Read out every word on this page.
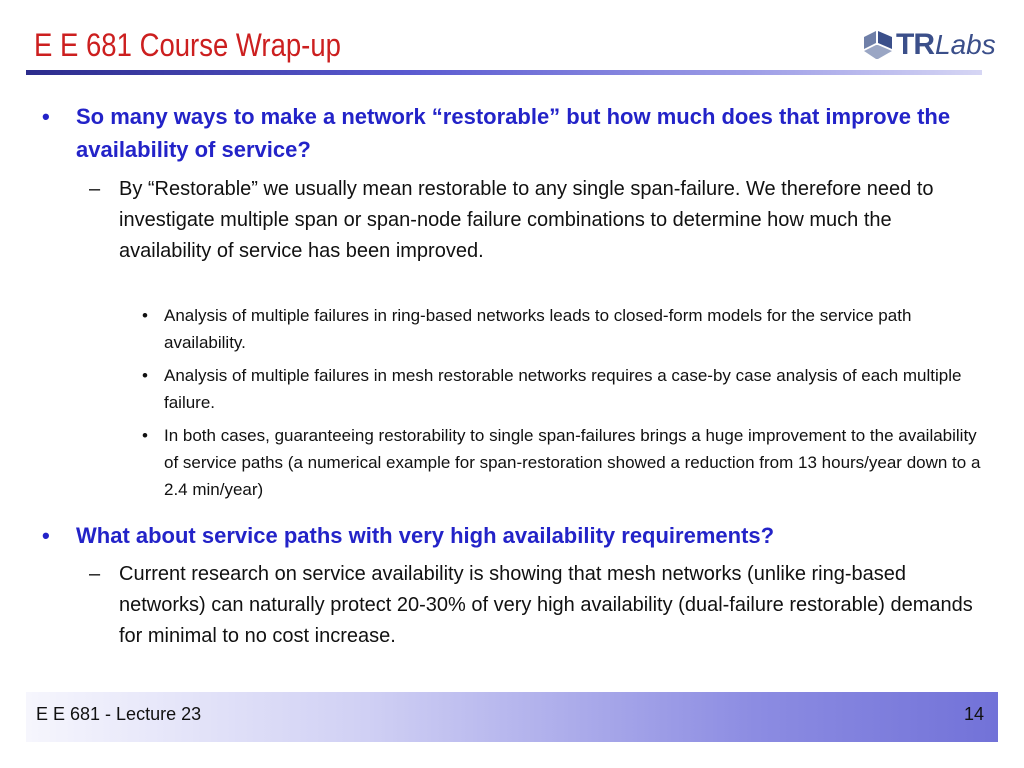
E E 681 Course Wrap-up	TR Labs
• So many ways to make a network “restorable” but how much does that improve the availability of service?
– By “Restorable” we usually mean restorable to any single span-failure. We therefore need to investigate multiple span or span-node failure combinations to determine how much the availability of service has been improved.
• Analysis of multiple failures in ring-based networks leads to closed-form models for the service path availability.
• Analysis of multiple failures in mesh restorable networks requires a case-by case analysis of each multiple failure.
• In both cases, guaranteeing restorability to single span-failures brings a huge improvement to the availability of service paths (a numerical example for span-restoration showed a reduction from 13 hours/year down to a 2.4 min/year)
• What about service paths with very high availability requirements?
– Current research on service availability is showing that mesh networks (unlike ring-based networks) can naturally protect 20-30% of very high availability (dual-failure restorable) demands for minimal to no cost increase.
E E 681 - Lecture 23	14
